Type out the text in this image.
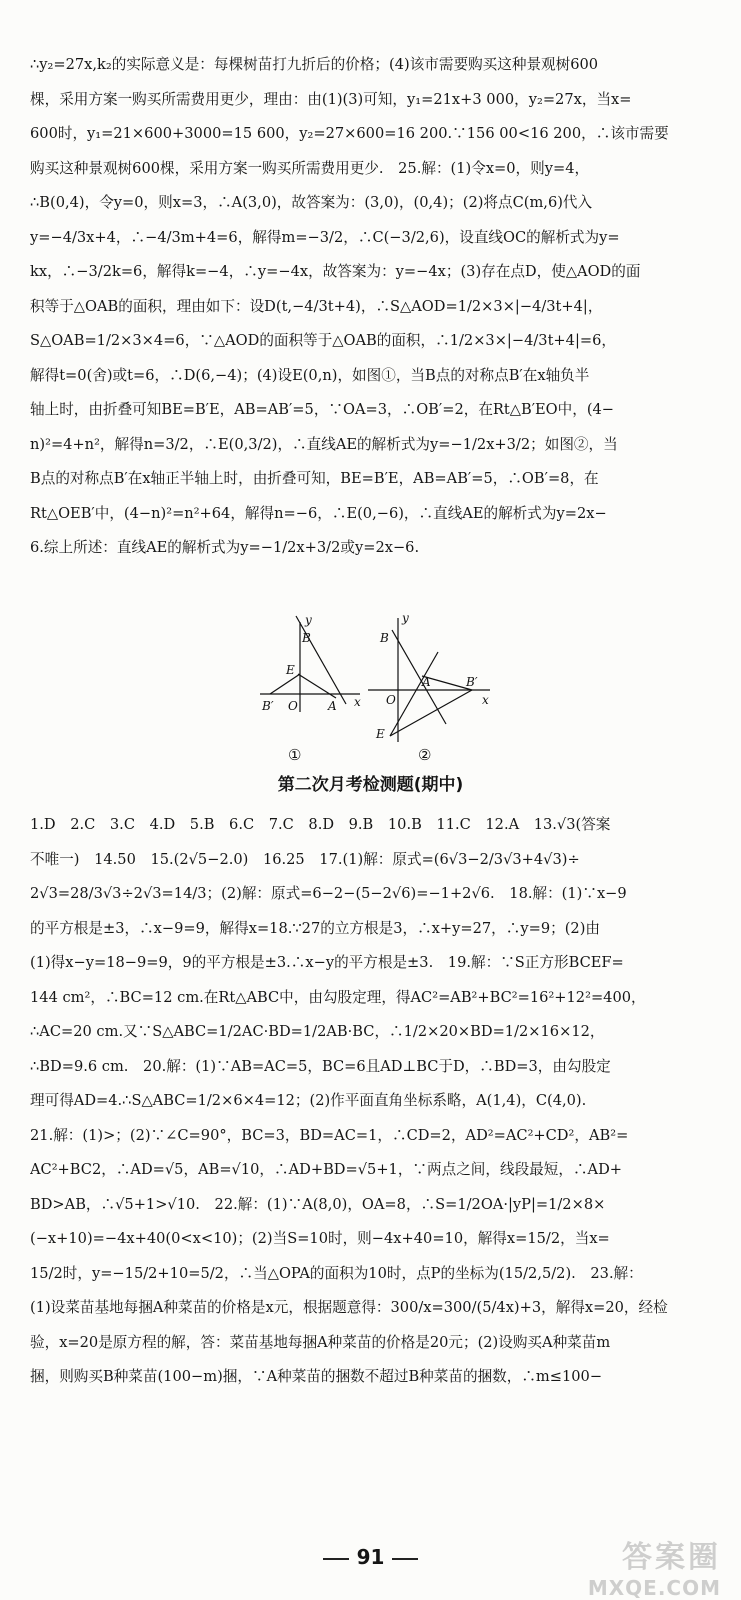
∴y₂=27x,k₂的实际意义是：每棵树苗打九折后的价格；(4)该市需要购买这种景观树600
棵，采用方案一购买所需费用更少，理由：由(1)(3)可知，y₁=21x+3 000，y₂=27x，当x=
600时，y₁=21×600+3000=15 600，y₂=27×600=16 200.∵156 00<16 200，∴该市需要
购买这种景观树600棵，采用方案一购买所需费用更少.　25.解：(1)令x=0，则y=4，
∴B(0,4)，令y=0，则x=3，∴A(3,0)，故答案为：(3,0)，(0,4)；(2)将点C(m,6)代入
y=−4/3x+4，∴−4/3m+4=6，解得m=−3/2，∴C(−3/2,6)，设直线OC的解析式为y=
kx，∴−3/2k=6，解得k=−4，∴y=−4x，故答案为：y=−4x；(3)存在点D，使△AOD的面
积等于△OAB的面积，理由如下：设D(t,−4/3t+4)，∴S△AOD=1/2×3×|−4/3t+4|，
S△OAB=1/2×3×4=6，∵△AOD的面积等于△OAB的面积，∴1/2×3×|−4/3t+4|=6，
解得t=0(舍)或t=6，∴D(6,−4)；(4)设E(0,n)，如图①，当B点的对称点B′在x轴负半
轴上时，由折叠可知BE=B′E，AB=AB′=5，∵OA=3，∴OB′=2，在Rt△B′EO中，(4−
n)²=4+n²，解得n=3/2，∴E(0,3/2)，∴直线AE的解析式为y=−1/2x+3/2；如图②，当
B点的对称点B′在x轴正半轴上时，由折叠可知，BE=B′E，AB=AB′=5，∴OB′=8，在
Rt△OEB′中，(4−n)²=n²+64，解得n=−6，∴E(0,−6)，∴直线AE的解析式为y=2x−
6.综上所述：直线AE的解析式为y=−1/2x+3/2或y=2x−6.
y
B
E
B′ O	A x
①
y
B
A	B′
O	x
E
②
第二次月考检测题(期中)
1.D　2.C　3.C　4.D　5.B　6.C　7.C　8.D　9.B　10.B　11.C　12.A　13.√3(答案
不唯一)　14.50　15.(2√5−2.0)　16.25　17.(1)解：原式=(6√3−2/3√3+4√3)÷
2√3=28/3√3÷2√3=14/3；(2)解：原式=6−2−(5−2√6)=−1+2√6.　18.解：(1)∵x−9
的平方根是±3，∴x−9=9，解得x=18.∵27的立方根是3，∴x+y=27，∴y=9；(2)由
(1)得x−y=18−9=9，9的平方根是±3.∴x−y的平方根是±3.　19.解：∵S正方形BCEF=
144 cm²，∴BC=12 cm.在Rt△ABC中，由勾股定理，得AC²=AB²+BC²=16²+12²=400，
∴AC=20 cm.又∵S△ABC=1/2AC·BD=1/2AB·BC，∴1/2×20×BD=1/2×16×12，
∴BD=9.6 cm.　20.解：(1)∵AB=AC=5，BC=6且AD⊥BC于D，∴BD=3，由勾股定
理可得AD=4.∴S△ABC=1/2×6×4=12；(2)作平面直角坐标系略，A(1,4)，C(4,0).
21.解：(1)>；(2)∵∠C=90°，BC=3，BD=AC=1，∴CD=2，AD²=AC²+CD²，AB²=
AC²+BC2，∴AD=√5，AB=√10，∴AD+BD=√5+1，∵两点之间，线段最短，∴AD+
BD>AB，∴√5+1>√10.　22.解：(1)∵A(8,0)，OA=8，∴S=1/2OA·|yP|=1/2×8×
(−x+10)=−4x+40(0<x<10)；(2)当S=10时，则−4x+40=10，解得x=15/2，当x=
15/2时，y=−15/2+10=5/2，∴当△OPA的面积为10时，点P的坐标为(15/2,5/2).　23.解：
(1)设菜苗基地每捆A种菜苗的价格是x元，根据题意得：300/x=300/(5/4x)+3，解得x=20，经检
验，x=20是原方程的解，答：菜苗基地每捆A种菜苗的价格是20元；(2)设购买A种菜苗m
捆，则购买B种菜苗(100−m)捆，∵A种菜苗的捆数不超过B种菜苗的捆数，∴m≤100−
91	答案圈
MXQE.COM
